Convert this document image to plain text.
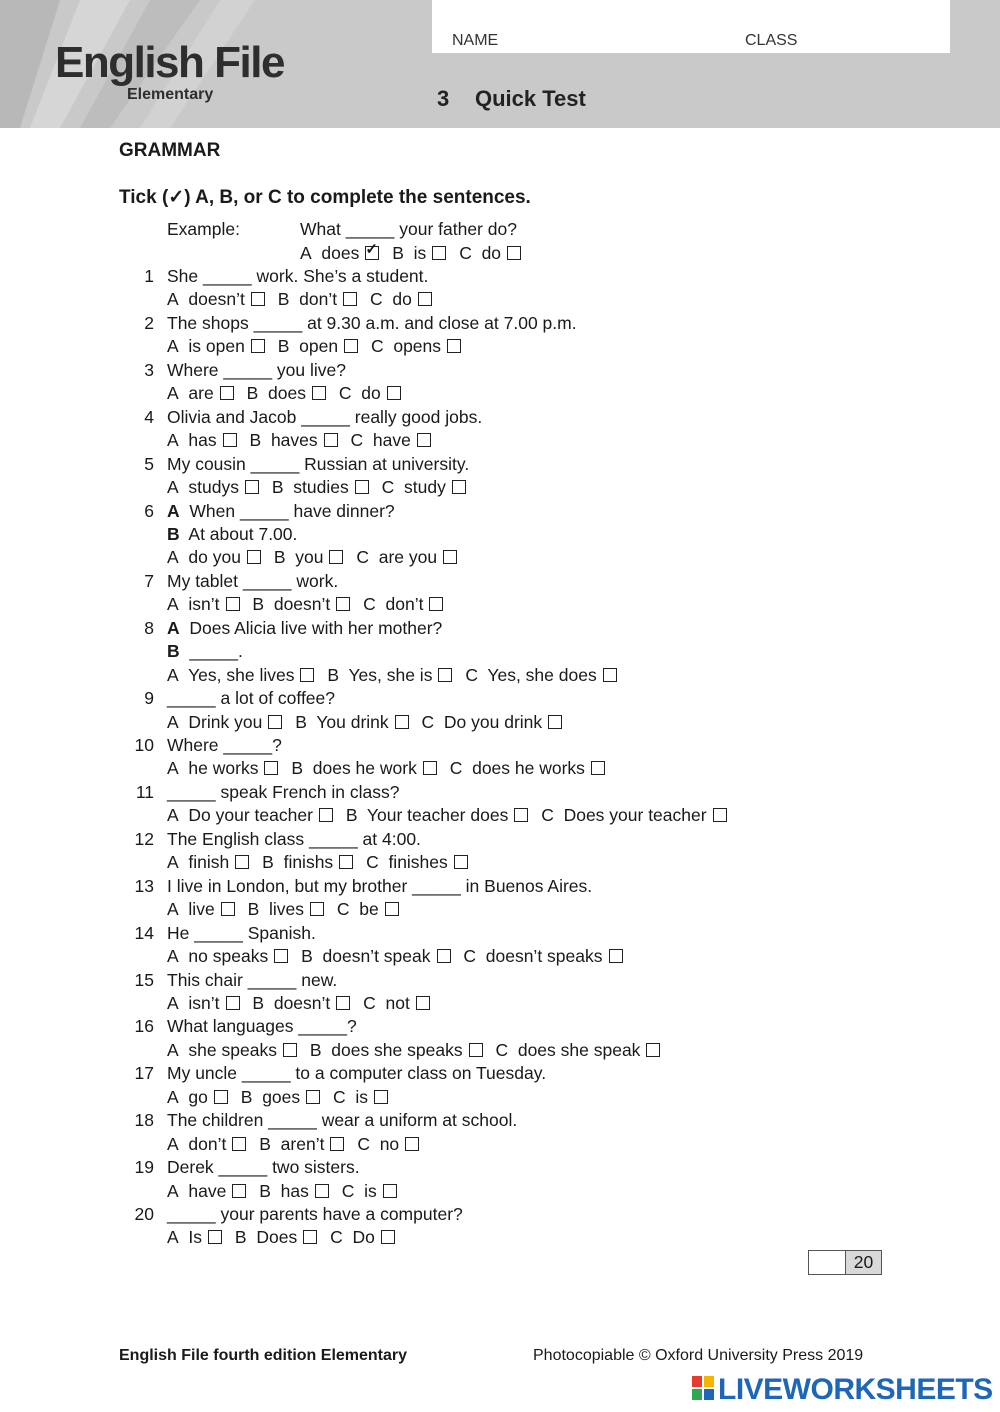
English File
Elementary
NAME	CLASS
3 Quick Test
GRAMMAR
Tick (✓) A, B, or C to complete the sentences.
Example:	What _____ your father do?
A does✓ B is C do
1 She _____ work. She’s a student.
A doesn’t B don’t C do
2 The shops _____ at 9.30 a.m. and close at 7.00 p.m.
A is open B open C opens
3 Where _____ you live?
A are B does C do
4 Olivia and Jacob _____ really good jobs.
A has B haves C have
5 My cousin _____ Russian at university.
A studys B studies C study
6 A When _____ have dinner?
B At about 7.00.
A do you B you C are you
7 My tablet _____ work.
A isn’t B doesn’t C don’t
8 A Does Alicia live with her mother?
B _____.
A Yes, she lives B Yes, she is C Yes, she does
9 _____ a lot of coffee?
A Drink you B You drink C Do you drink
10 Where _____?
A he works B does he work C does he works
11 _____ speak French in class?
A Do your teacher B Your teacher does C Does your teacher
12 The English class _____ at 4:00.
A finish B finishs C finishes
13 I live in London, but my brother _____ in Buenos Aires.
A live B lives C be
14 He _____ Spanish.
A no speaks B doesn’t speak C doesn’t speaks
15 This chair _____ new.
A isn’t B doesn’t C not
16 What languages _____?
A she speaks B does she speaks C does she speak
17 My uncle _____ to a computer class on Tuesday.
A go B goes C is
18 The children _____ wear a uniform at school.
A don’t B aren’t C no
19 Derek _____ two sisters.
A have B has C is
20 _____ your parents have a computer?
A Is B Does C Do
20
English File fourth edition Elementary	Photocopiable © Oxford University Press 2019
LIVEWORKSHEETS
